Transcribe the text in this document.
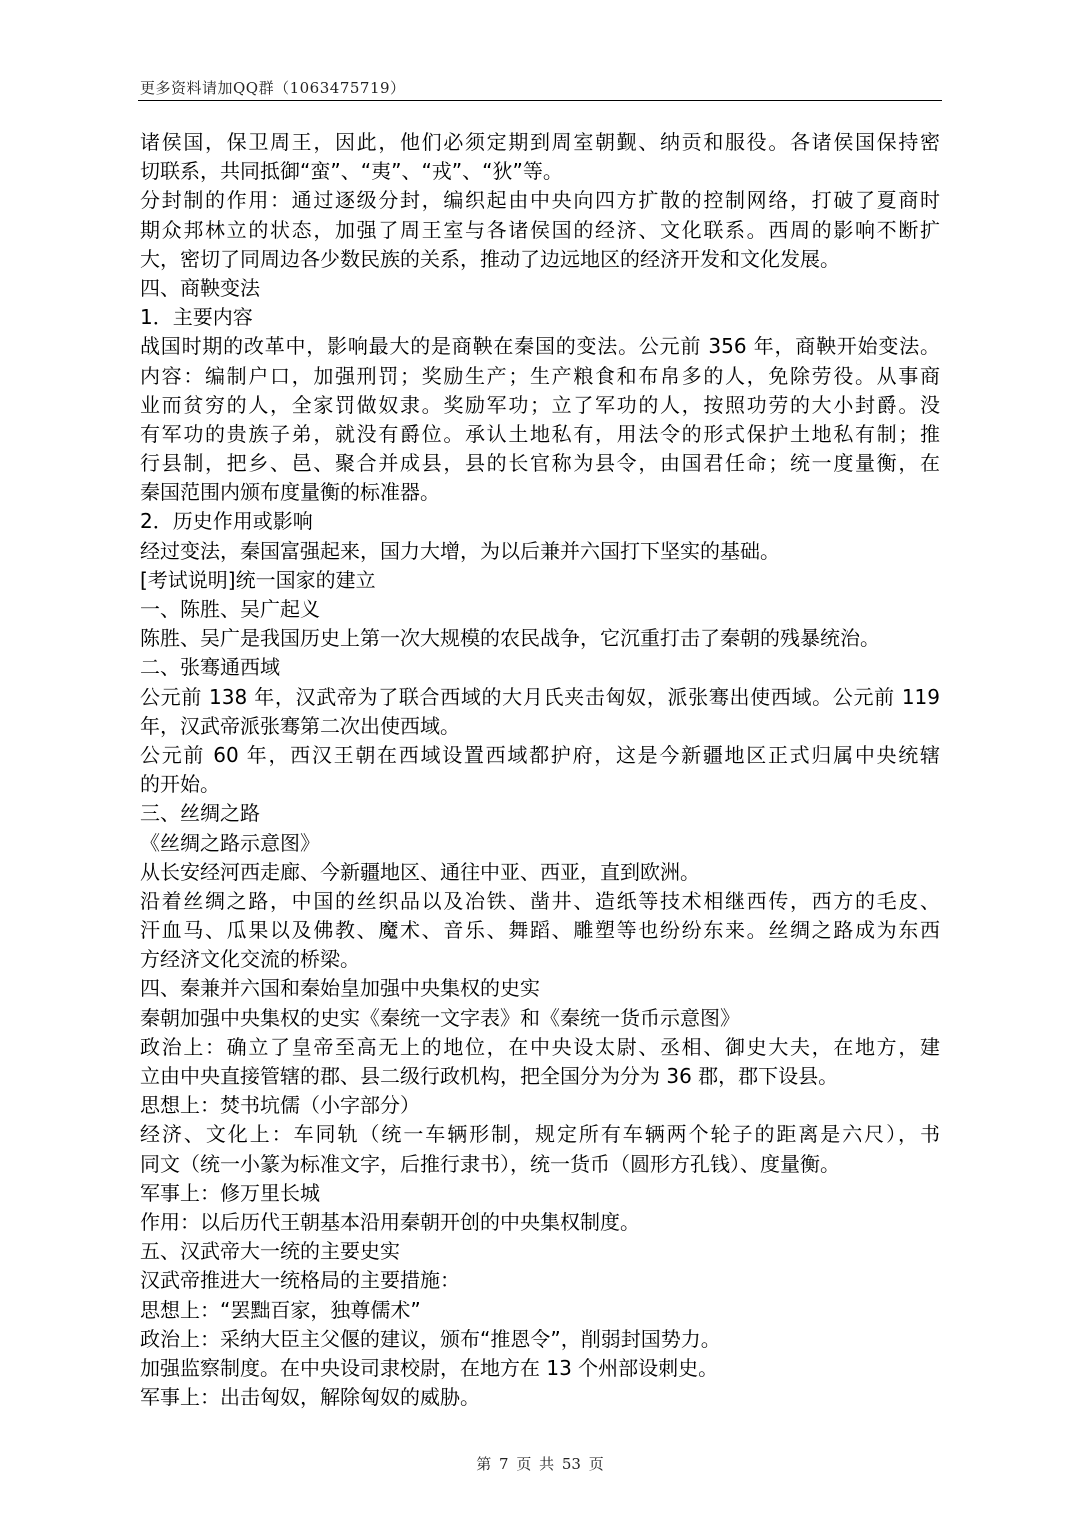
更多资料请加QQ群（1063475719）
诸侯国，保卫周王，因此，他们必须定期到周室朝觐、纳贡和服役。各诸侯国保持密
切联系，共同抵御“蛮”、“夷”、“戎”、“狄”等。
分封制的作用：通过逐级分封，编织起由中央向四方扩散的控制网络，打破了夏商时
期众邦林立的状态，加强了周王室与各诸侯国的经济、文化联系。西周的影响不断扩
大，密切了同周边各少数民族的关系，推动了边远地区的经济开发和文化发展。
四、商鞅变法
1．主要内容
战国时期的改革中，影响最大的是商鞅在秦国的变法。公元前 356 年，商鞅开始变法。
内容：编制户口，加强刑罚；奖励生产；生产粮食和布帛多的人，免除劳役。从事商
业而贫穷的人，全家罚做奴隶。奖励军功；立了军功的人，按照功劳的大小封爵。没
有军功的贵族子弟，就没有爵位。承认土地私有，用法令的形式保护土地私有制；推
行县制，把乡、邑、聚合并成县，县的长官称为县令，由国君任命；统一度量衡，在
秦国范围内颁布度量衡的标准器。
2．历史作用或影响
经过变法，秦国富强起来，国力大增，为以后兼并六国打下坚实的基础。
[考试说明]统一国家的建立
一、陈胜、吴广起义
陈胜、吴广是我国历史上第一次大规模的农民战争，它沉重打击了秦朝的残暴统治。
二、张骞通西域
公元前 138 年，汉武帝为了联合西域的大月氏夹击匈奴，派张骞出使西域。公元前 119
年，汉武帝派张骞第二次出使西域。
公元前 60 年，西汉王朝在西域设置西域都护府，这是今新疆地区正式归属中央统辖
的开始。
三、丝绸之路
《丝绸之路示意图》
从长安经河西走廊、今新疆地区、通往中亚、西亚，直到欧洲。
沿着丝绸之路，中国的丝织品以及冶铁、凿井、造纸等技术相继西传，西方的毛皮、
汗血马、瓜果以及佛教、魔术、音乐、舞蹈、雕塑等也纷纷东来。丝绸之路成为东西
方经济文化交流的桥梁。
四、秦兼并六国和秦始皇加强中央集权的史实
秦朝加强中央集权的史实《秦统一文字表》和《秦统一货币示意图》
政治上：确立了皇帝至高无上的地位，在中央设太尉、丞相、御史大夫，在地方，建
立由中央直接管辖的郡、县二级行政机构，把全国分为分为 36 郡，郡下设县。
思想上：焚书坑儒（小字部分）
经济、文化上：车同轨（统一车辆形制，规定所有车辆两个轮子的距离是六尺），书
同文（统一小篆为标准文字，后推行隶书），统一货币（圆形方孔钱）、度量衡。
军事上：修万里长城
作用：以后历代王朝基本沿用秦朝开创的中央集权制度。
五、汉武帝大一统的主要史实
汉武帝推进大一统格局的主要措施：
思想上：“罢黜百家，独尊儒术”
政治上：采纳大臣主父偃的建议，颁布“推恩令”，削弱封国势力。
加强监察制度。在中央设司隶校尉，在地方在 13 个州部设刺史。
军事上：出击匈奴，解除匈奴的威胁。
第 7 页 共 53 页
